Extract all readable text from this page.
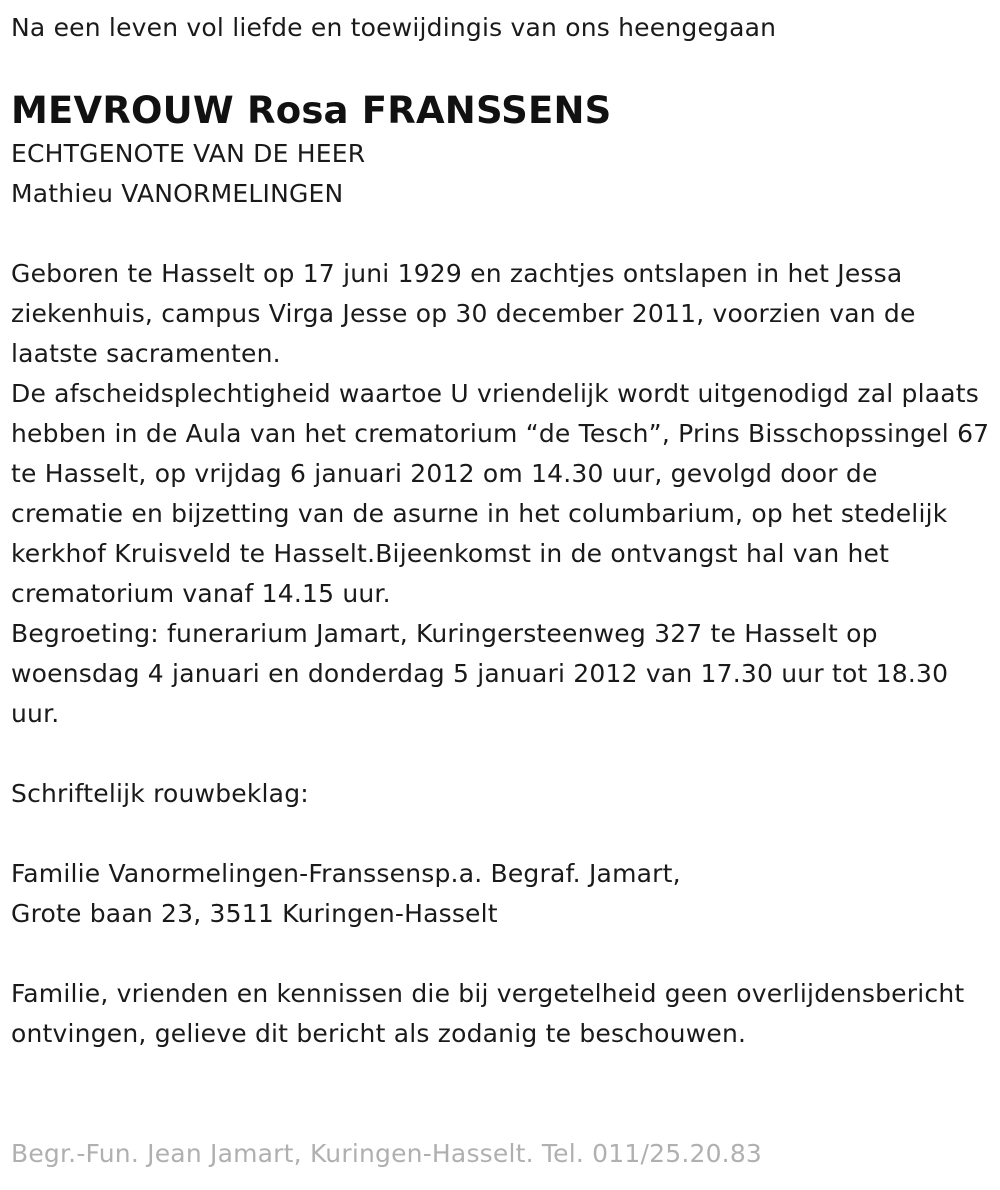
Na een leven vol liefde en toewijdingis van ons heengegaan

MEVROUW Rosa FRANSSENS

ECHTGENOTE VAN DE HEER

Mathieu VANORMELINGEN

Geboren te Hasselt op 17 juni 1929 en zachtjes ontslapen in het Jessa ziekenhuis, campus Virga Jesse op 30 december 2011, voorzien van de laatste sacramenten.

De afscheidsplechtigheid waartoe U vriendelijk wordt uitgenodigd zal plaats hebben in de Aula van het crematorium “de Tesch”, Prins Bisschopssingel 67 te Hasselt, op vrijdag 6 januari 2012 om 14.30 uur, gevolgd door de crematie en bijzetting van de asurne in het columbarium, op het stedelijk kerkhof Kruisveld te Hasselt.Bijeenkomst in de ontvangst hal van het crematorium vanaf 14.15 uur.

Begroeting: funerarium Jamart, Kuringersteenweg 327 te Hasselt op woensdag 4 januari en donderdag 5 januari 2012 van 17.30 uur tot 18.30 uur.

Schriftelijk rouwbeklag:

Familie Vanormelingen-Franssensp.a. Begraf. Jamart,

Grote baan 23, 3511 Kuringen-Hasselt

Familie, vrienden en kennissen die bij vergetelheid geen overlijdensbericht ontvingen, gelieve dit bericht als zodanig te beschouwen.

Begr.-Fun. Jean Jamart, Kuringen-Hasselt. Tel. 011/25.20.83
